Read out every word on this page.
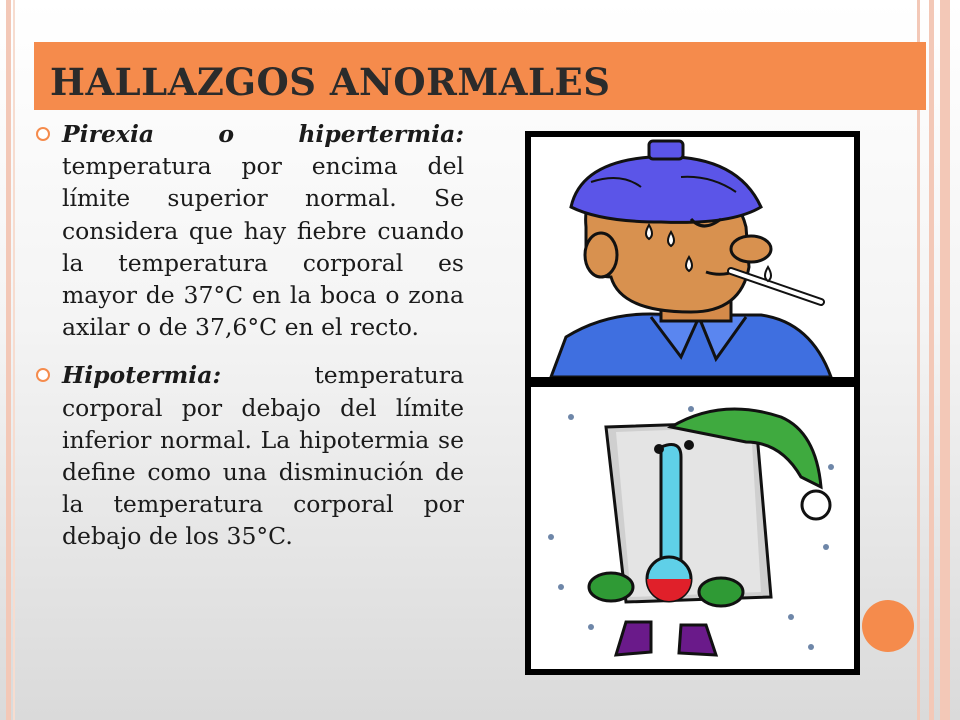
HALLAZGOS ANORMALES
Pirexia o hipertermia: temperatura por encima del límite superior normal. Se considera que hay fiebre cuando la temperatura corporal es mayor de 37°C en la boca o zona axilar o de 37,6°C en el recto.
Hipotermia: temperatura corporal por debajo del límite inferior normal. La hipotermia se define como una disminución de la temperatura corporal por debajo de los 35°C.
